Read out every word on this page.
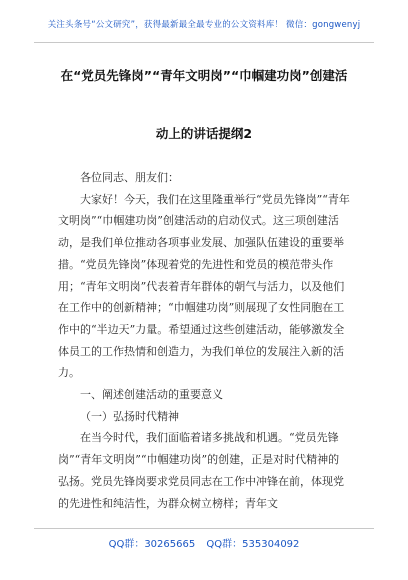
关注头条号“公文研究”，获得最新最全最专业的公文资料库！ 微信：gongwenyj
在“党员先锋岗”“青年文明岗”“巾帼建功岗”创建活
动上的讲话提纲2

各位同志、朋友们：

大家好！今天，我们在这里隆重举行“党员先锋岗”“青年文明岗”“巾帼建功岗”创建活动的启动仪式。这三项创建活动，是我们单位推动各项事业发展、加强队伍建设的重要举措。“党员先锋岗”体现着党的先进性和党员的模范带头作用；“青年文明岗”代表着青年群体的朝气与活力，以及他们在工作中的创新精神；“巾帼建功岗”则展现了女性同胞在工作中的“半边天”力量。希望通过这些创建活动，能够激发全体员工的工作热情和创造力，为我们单位的发展注入新的活力。

一、阐述创建活动的重要意义

（一）弘扬时代精神

在当今时代，我们面临着诸多挑战和机遇。“党员先锋岗”“青年文明岗”“巾帼建功岗”的创建，正是对时代精神的弘扬。党员先锋岗要求党员同志在工作中冲锋在前，体现党的先进性和纯洁性，为群众树立榜样；青年文

QQ群：30265665 QQ群：535304092
